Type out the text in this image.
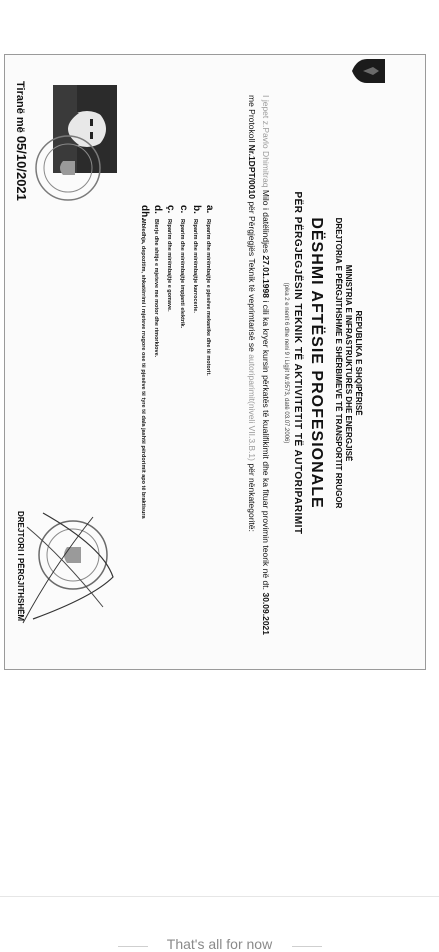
REPUBLIKA E SHQIPËRISË
MINISTRIA E INFRASTRUKTURËS DHE ENERGJISË
DREJTORIA E PËRGJITHSHME E SHËRBIMEVE TË TRANSPORTIT RRUGOR
DËSHMI AFTËSIE PROFESIONALE
PËR PËRGJEGJËSIN TEKNIK TË AKTIVITETIT TË AUTORIPARIMIT
(pika 2 e nenit 6 dhe neni 9 i Ligjit Nr.9573, datë 03.07.2006)
I jepet z.Pavlo Dhimitraq Milo i datëlindjes 27.01.1998 i cili ka kryer kursin përkatës të kualifikimit dhe ka fituar provimin teorik në dt. 30.09.2021 me Protokoll Nr.1DPT/0010 për Përgjegjës Teknik të veprimtarisë se autoriparimit(niveli VII.3.B.1) për nënkategoritë:
a.
Riparim dhe mirëmbajtje e pjesëve mekanike dhe të motorit.
b.
Riparim dhe mirëmbajtje karrocerie.
c.
Riparim dhe mirëmbajtje impjanti elektrik.
ç.
Riparim dhe mirëmbajtje e gomave.
d.
Blerje dhe shitje e mjeteve me motor dhe rimorkiove.
dh.
Mbledhja, depozitim, shkatërrimi i mjeteve rrugore ose të pjesëve të tyre të dala jashtë përdorimit apo të braktisura
Tiranë më 05/10/2021
DREJTORI I PËRGJITHSHËM
That's all for now
